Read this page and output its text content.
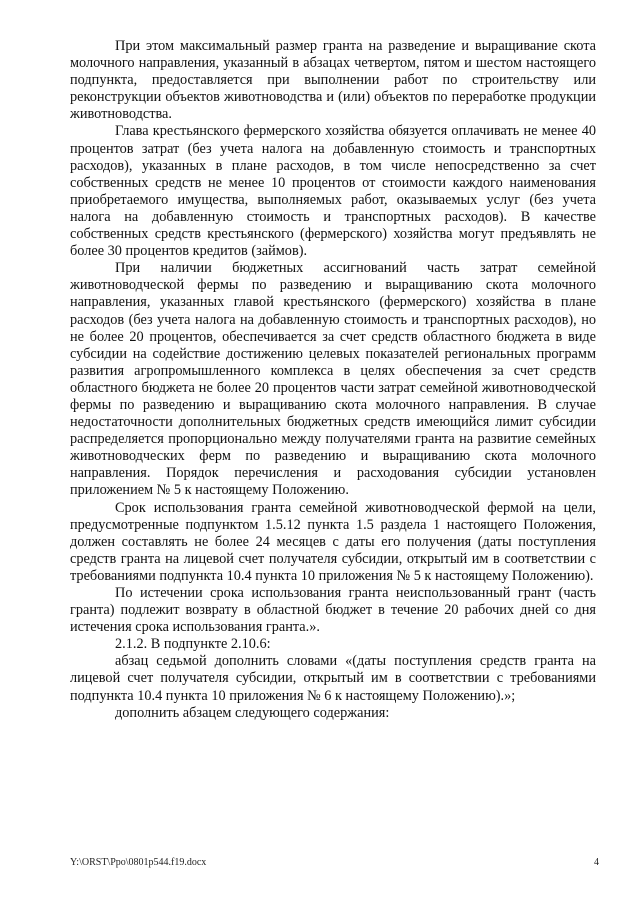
При этом максимальный размер гранта на разведение и выращивание скота молочного направления, указанный в абзацах четвертом, пятом и шестом настоящего подпункта, предоставляется при выполнении работ по строительству или реконструкции объектов животноводства и (или) объектов по переработке продукции животноводства.

Глава крестьянского фермерского хозяйства обязуется оплачивать не менее 40 процентов затрат (без учета налога на добавленную стоимость и транспортных расходов), указанных в плане расходов, в том числе непосредственно за счет собственных средств не менее 10 процентов от стоимости каждого наименования приобретаемого имущества, выполняемых работ, оказываемых услуг (без учета налога на добавленную стоимость и транспортных расходов). В качестве собственных средств крестьянского (фермерского) хозяйства могут предъявлять не более 30 процентов кредитов (займов).

При наличии бюджетных ассигнований часть затрат семейной животноводческой фермы по разведению и выращиванию скота молочного направления, указанных главой крестьянского (фермерского) хозяйства в плане расходов (без учета налога на добавленную стоимость и транспортных расходов), но не более 20 процентов, обеспечивается за счет средств областного бюджета в виде субсидии на содействие достижению целевых показателей региональных программ развития агропромышленного комплекса в целях обеспечения за счет средств областного бюджета не более 20 процентов части затрат семейной животноводческой фермы по разведению и выращиванию скота молочного направления. В случае недостаточности дополнительных бюджетных средств имеющийся лимит субсидии распределяется пропорционально между получателями гранта на развитие семейных животноводческих ферм по разведению и выращиванию скота молочного направления. Порядок перечисления и расходования субсидии установлен приложением № 5 к настоящему Положению.

Срок использования гранта семейной животноводческой фермой на цели, предусмотренные подпунктом 1.5.12 пункта 1.5 раздела 1 настоящего Положения, должен составлять не более 24 месяцев с даты его получения (даты поступления средств гранта на лицевой счет получателя субсидии, открытый им в соответствии с требованиями подпункта 10.4 пункта 10 приложения № 5 к настоящему Положению).

По истечении срока использования гранта неиспользованный грант (часть гранта) подлежит возврату в областной бюджет в течение 20 рабочих дней со дня истечения срока использования гранта.».

2.1.2. В подпункте 2.10.6:

абзац седьмой дополнить словами «(даты поступления средств гранта на лицевой счет получателя субсидии, открытый им в соответствии с требованиями подпункта 10.4 пункта 10 приложения № 6 к настоящему Положению).»;

дополнить абзацем следующего содержания:

Y:\ORST\Ppo\0801p544.f19.docx	4
